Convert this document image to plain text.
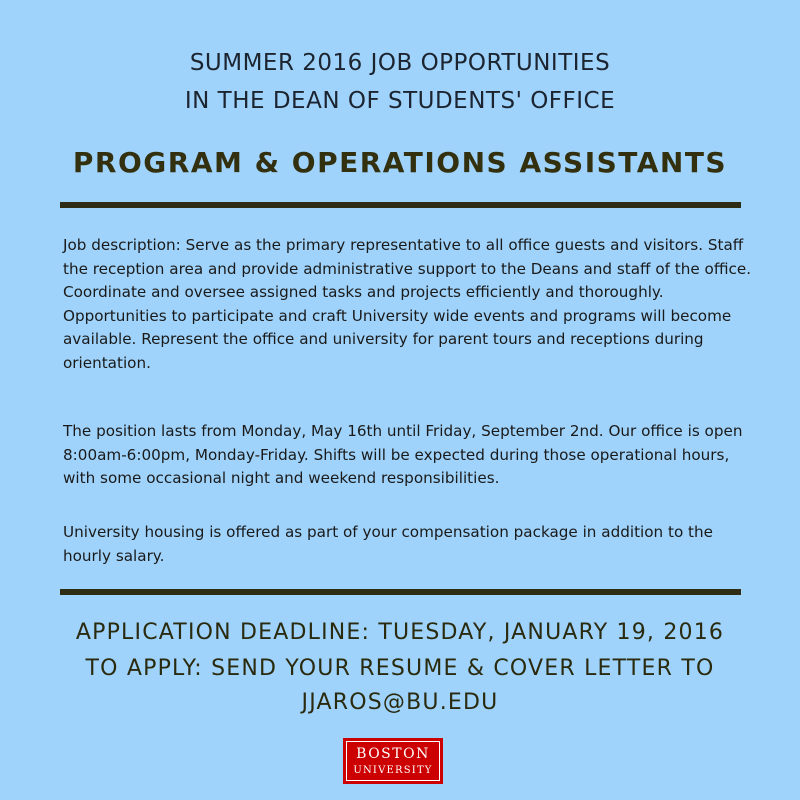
SUMMER 2016 JOB OPPORTUNITIES
IN THE DEAN OF STUDENTS' OFFICE
PROGRAM & OPERATIONS ASSISTANTS
Job description: Serve as the primary representative to all office guests and visitors. Staff the reception area and provide administrative support to the Deans and staff of the office. Coordinate and oversee assigned tasks and projects efficiently and thoroughly. Opportunities to participate and craft University wide events and programs will become available. Represent the office and university for parent tours and receptions during orientation.
The position lasts from Monday, May 16th until Friday, September 2nd. Our office is open 8:00am-6:00pm, Monday-Friday. Shifts will be expected during those operational hours, with some occasional night and weekend responsibilities.
University housing is offered as part of your compensation package in addition to the hourly salary.
APPLICATION DEADLINE: TUESDAY, JANUARY 19, 2016
TO APPLY: SEND YOUR RESUME & COVER LETTER TO
JJAROS@BU.EDU
BOSTON
UNIVERSITY
